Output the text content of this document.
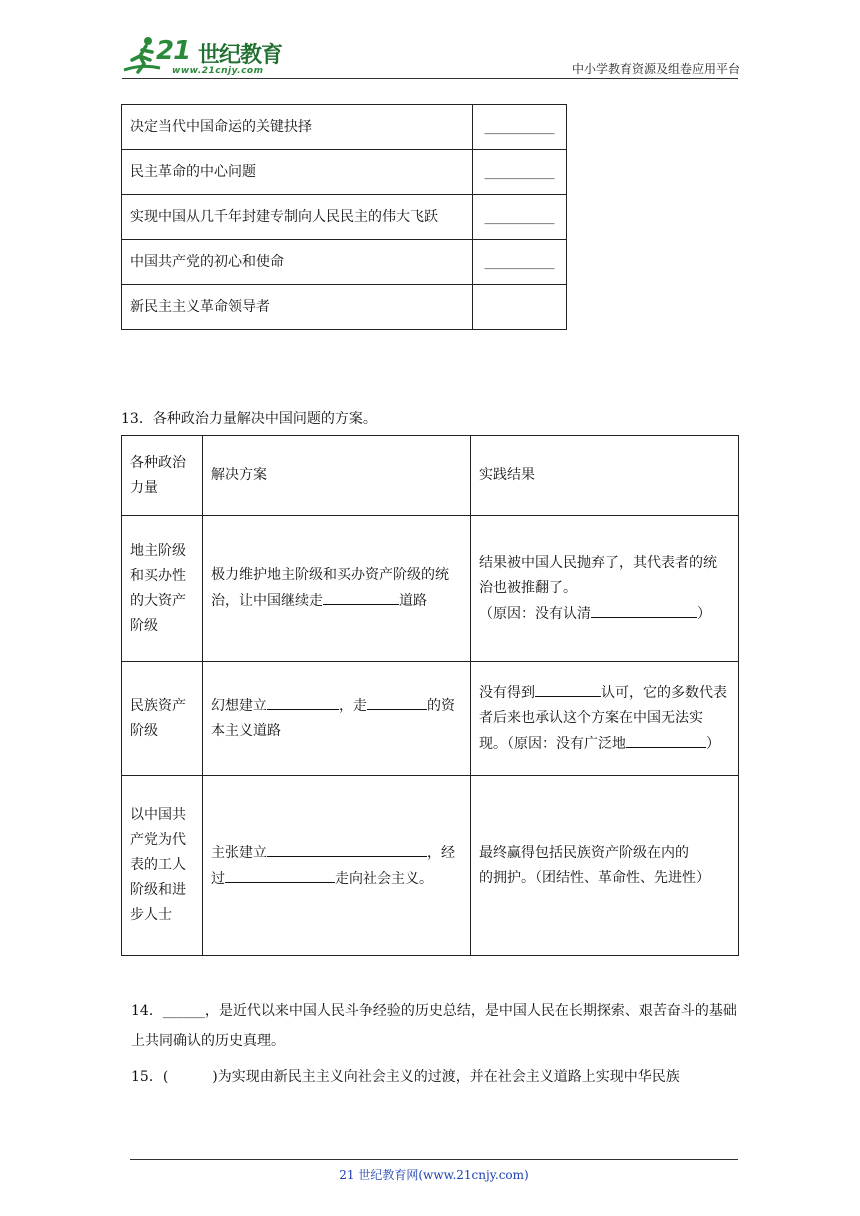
21 世纪教育
www.21cnjy.com	中小学教育资源及组卷应用平台
决定当代中国命运的关键抉择	__________
民主革命的中心问题	__________
实现中国从几千年封建专制向人民民主的伟大飞跃	__________
中国共产党的初心和使命	__________
新民主主义革命领导者	
13．各种政治力量解决中国问题的方案。
各种政治力量	解决方案	实践结果
地主阶级和买办性的大资产阶级	极力维护地主阶级和买办资产阶级的统治，让中国继续走 道路	结果被中国人民抛弃了，其代表者的统治也被推翻了。
（原因：没有认清 ）
民族资产阶级	幻想建立 ，走 的资本主义道路	没有得到 认可，它的多数代表者后来也承认这个方案在中国无法实现。（原因：没有广泛地 ）
以中国共产党为代表的工人阶级和进步人士	主张建立 ，经过 走向社会主义。	最终赢得包括民族资产阶级在内的
的拥护。（团结性、革命性、先进性）
14．______，是近代以来中国人民斗争经验的历史总结，是中国人民在长期探索、艰苦奋斗的基础上共同确认的历史真理。
15．(	)为实现由新民主主义向社会主义的过渡，并在社会主义道路上实现中华民族
21 世纪教育网(www.21cnjy.com)
